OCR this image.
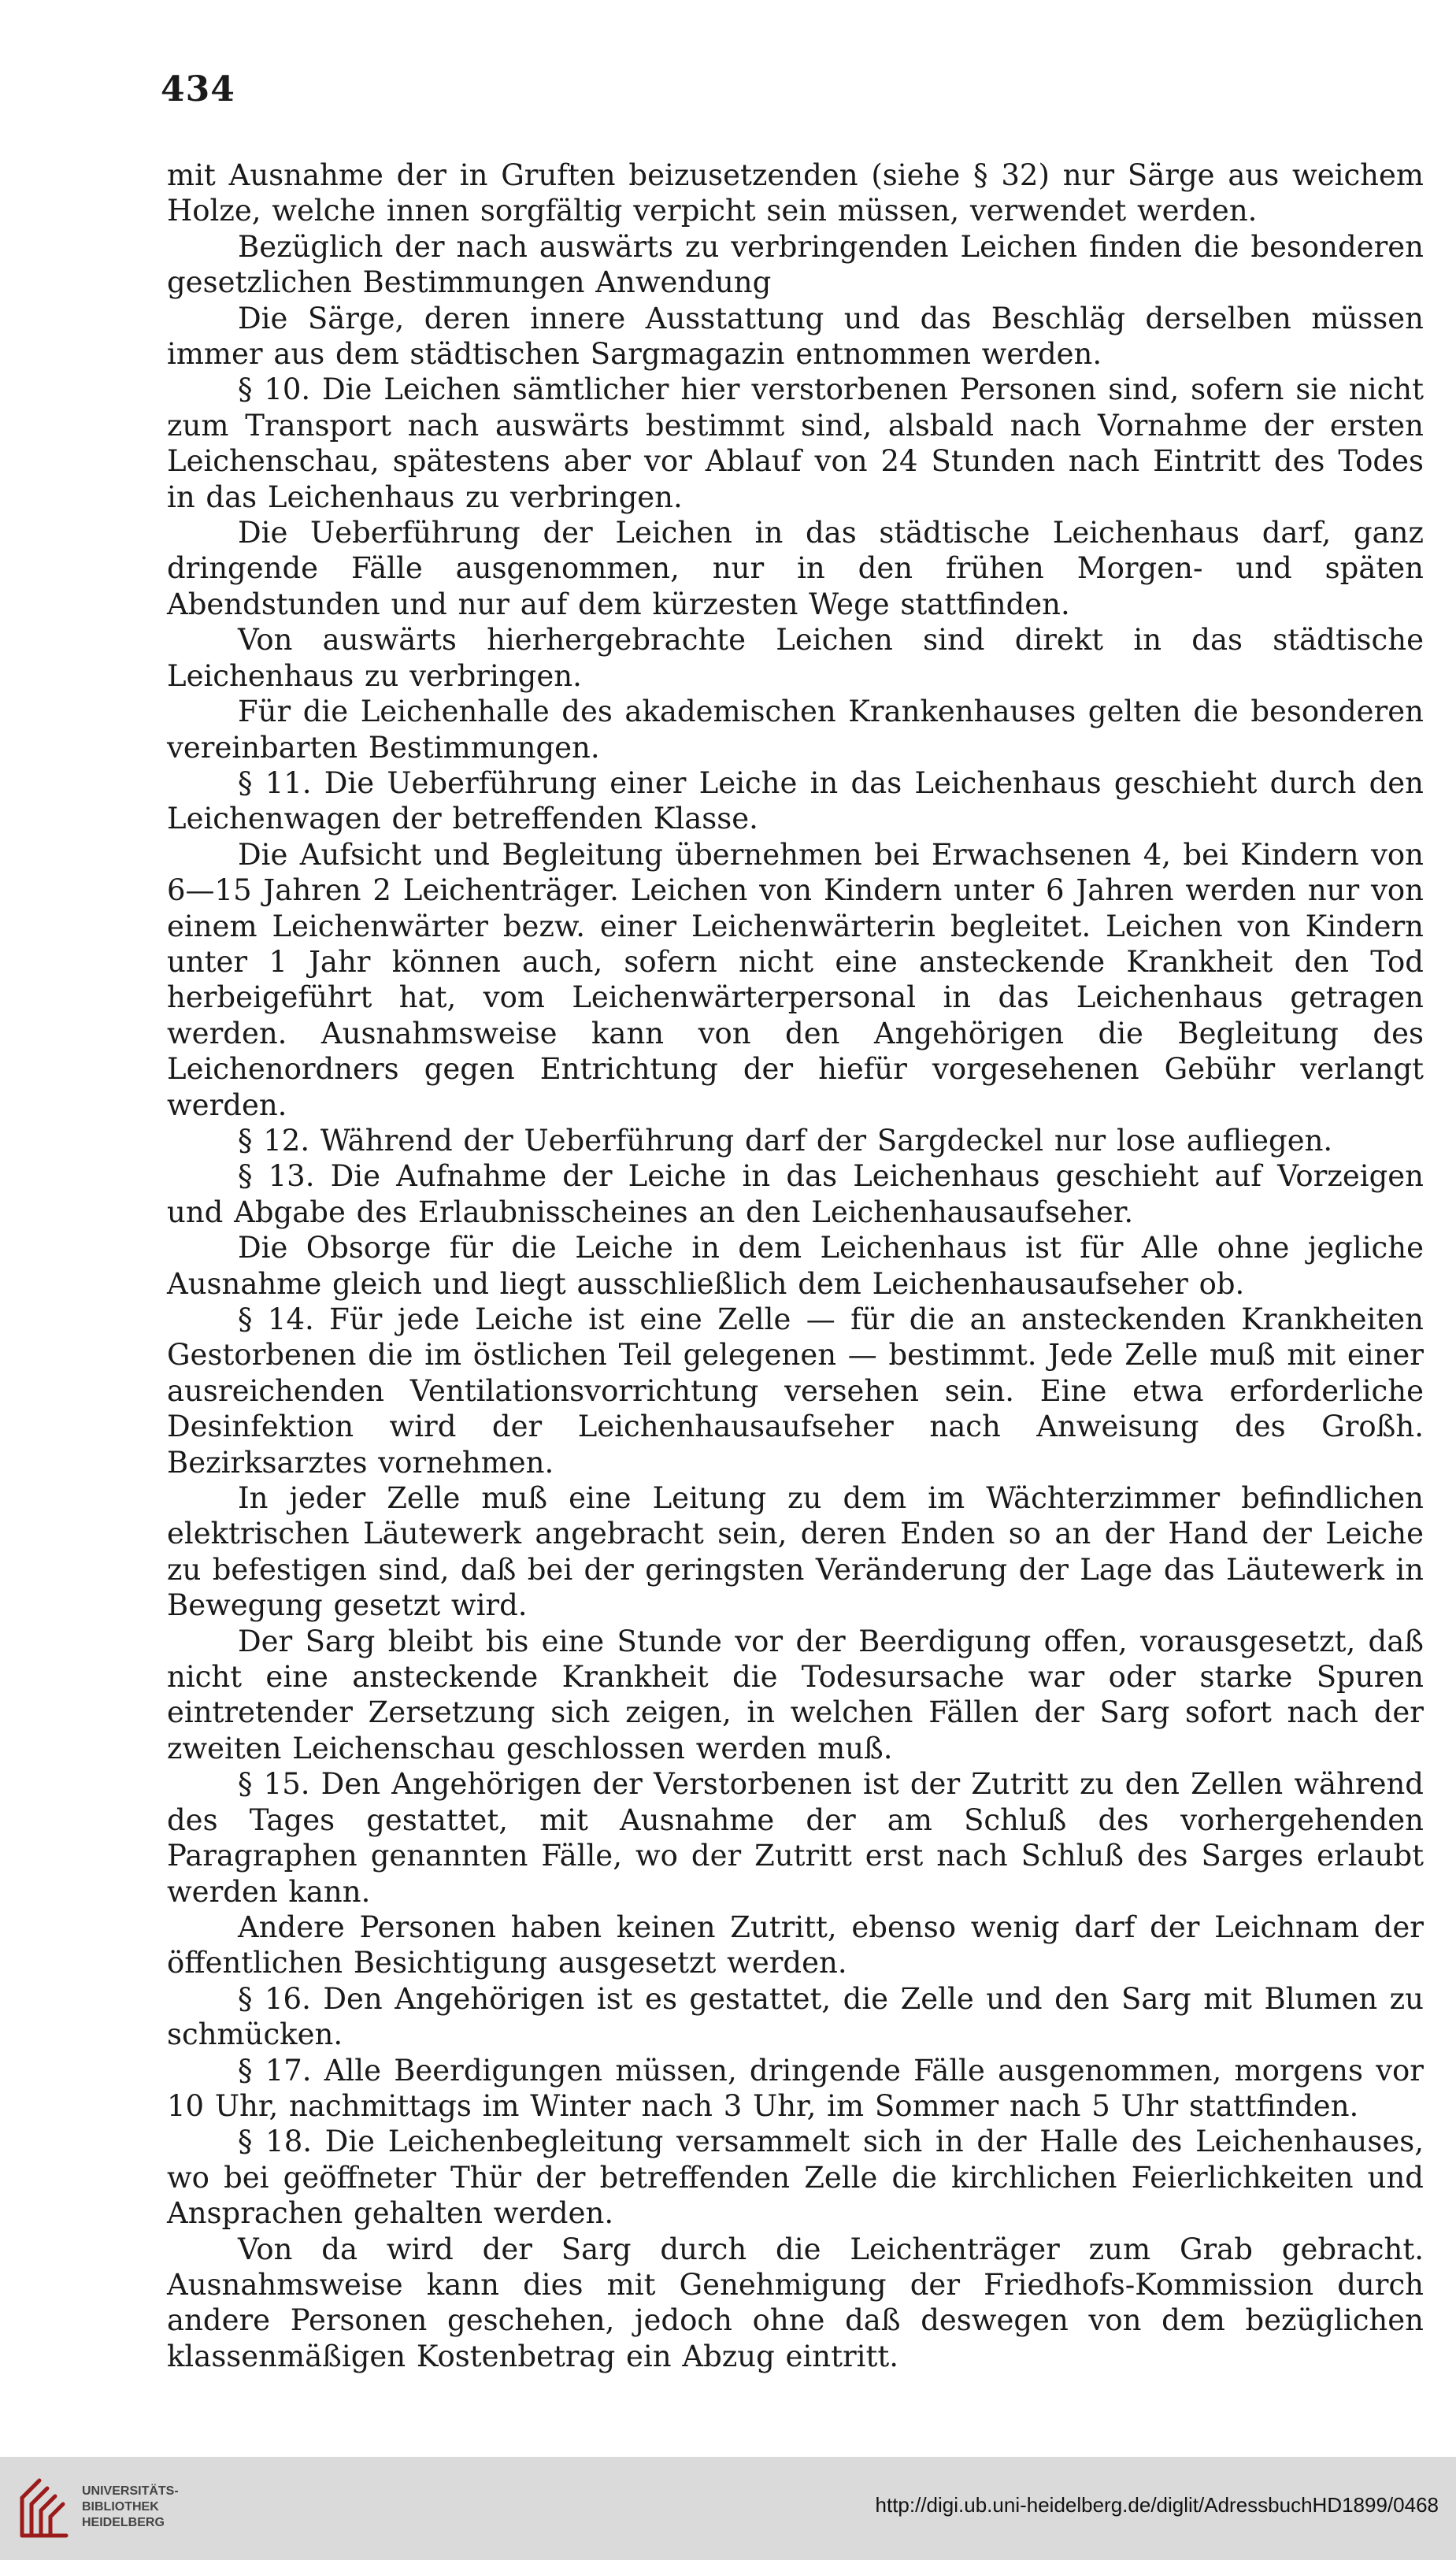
434

mit Ausnahme der in Gruften beizusetzenden (siehe § 32) nur Särge aus weichem Holze, welche innen sorgfältig verpicht sein müssen, verwendet werden.

Bezüglich der nach auswärts zu verbringenden Leichen finden die besonderen gesetzlichen Bestimmungen Anwendung

Die Särge, deren innere Ausstattung und das Beschläg derselben müssen immer aus dem städtischen Sargmagazin entnommen werden.

§ 10. Die Leichen sämtlicher hier verstorbenen Personen sind, sofern sie nicht zum Transport nach auswärts bestimmt sind, alsbald nach Vornahme der ersten Leichenschau, spätestens aber vor Ablauf von 24 Stunden nach Eintritt des Todes in das Leichenhaus zu verbringen.

Die Ueberführung der Leichen in das städtische Leichenhaus darf, ganz dringende Fälle ausgenommen, nur in den frühen Morgen- und späten Abendstunden und nur auf dem kürzesten Wege stattfinden.

Von auswärts hierhergebrachte Leichen sind direkt in das städtische Leichenhaus zu verbringen.

Für die Leichenhalle des akademischen Krankenhauses gelten die besonderen vereinbarten Bestimmungen.

§ 11. Die Ueberführung einer Leiche in das Leichenhaus geschieht durch den Leichenwagen der betreffenden Klasse.

Die Aufsicht und Begleitung übernehmen bei Erwachsenen 4, bei Kindern von 6—15 Jahren 2 Leichenträger. Leichen von Kindern unter 6 Jahren werden nur von einem Leichenwärter bezw. einer Leichenwärterin begleitet. Leichen von Kindern unter 1 Jahr können auch, sofern nicht eine ansteckende Krankheit den Tod herbeigeführt hat, vom Leichenwärterpersonal in das Leichenhaus getragen werden. Ausnahmsweise kann von den Angehörigen die Begleitung des Leichenordners gegen Entrichtung der hiefür vorgesehenen Gebühr verlangt werden.

§ 12. Während der Ueberführung darf der Sargdeckel nur lose aufliegen.

§ 13. Die Aufnahme der Leiche in das Leichenhaus geschieht auf Vorzeigen und Abgabe des Erlaubnisscheines an den Leichenhausaufseher.

Die Obsorge für die Leiche in dem Leichenhaus ist für Alle ohne jegliche Ausnahme gleich und liegt ausschließlich dem Leichenhausaufseher ob.

§ 14. Für jede Leiche ist eine Zelle — für die an ansteckenden Krankheiten Gestorbenen die im östlichen Teil gelegenen — bestimmt. Jede Zelle muß mit einer ausreichenden Ventilationsvorrichtung versehen sein. Eine etwa erforderliche Desinfektion wird der Leichenhausaufseher nach Anweisung des Großh. Bezirksarztes vornehmen.

In jeder Zelle muß eine Leitung zu dem im Wächterzimmer befindlichen elektrischen Läutewerk angebracht sein, deren Enden so an der Hand der Leiche zu befestigen sind, daß bei der geringsten Veränderung der Lage das Läutewerk in Bewegung gesetzt wird.

Der Sarg bleibt bis eine Stunde vor der Beerdigung offen, vorausgesetzt, daß nicht eine ansteckende Krankheit die Todesursache war oder starke Spuren eintretender Zersetzung sich zeigen, in welchen Fällen der Sarg sofort nach der zweiten Leichenschau geschlossen werden muß.

§ 15. Den Angehörigen der Verstorbenen ist der Zutritt zu den Zellen während des Tages gestattet, mit Ausnahme der am Schluß des vorhergehenden Paragraphen genannten Fälle, wo der Zutritt erst nach Schluß des Sarges erlaubt werden kann.

Andere Personen haben keinen Zutritt, ebenso wenig darf der Leichnam der öffentlichen Besichtigung ausgesetzt werden.

§ 16. Den Angehörigen ist es gestattet, die Zelle und den Sarg mit Blumen zu schmücken.

§ 17. Alle Beerdigungen müssen, dringende Fälle ausgenommen, morgens vor 10 Uhr, nachmittags im Winter nach 3 Uhr, im Sommer nach 5 Uhr stattfinden.

§ 18. Die Leichenbegleitung versammelt sich in der Halle des Leichenhauses, wo bei geöffneter Thür der betreffenden Zelle die kirchlichen Feierlichkeiten und Ansprachen gehalten werden.

Von da wird der Sarg durch die Leichenträger zum Grab gebracht. Ausnahmsweise kann dies mit Genehmigung der Friedhofs-Kommission durch andere Personen geschehen, jedoch ohne daß deswegen von dem bezüglichen klassenmäßigen Kostenbetrag ein Abzug eintritt.

UNIVERSITÄTS-
BIBLIOTHEK
HEIDELBERG
http://digi.ub.uni-heidelberg.de/diglit/AdressbuchHD1899/0468
